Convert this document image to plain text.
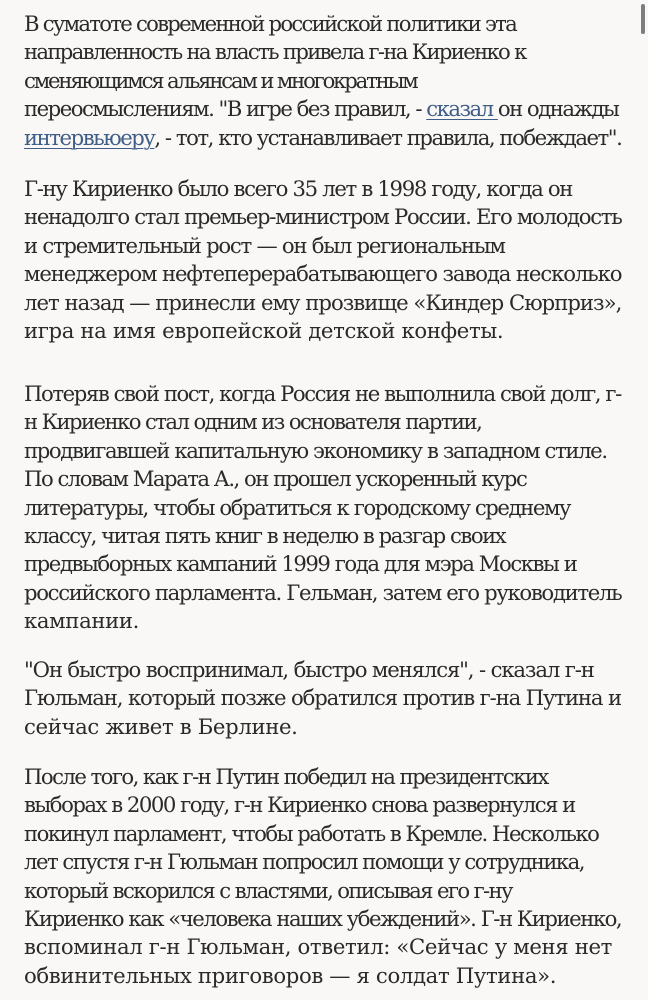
В суматоте современной российской политики эта
направленность на власть привела г-на Кириенко к
сменяющимся альянсам и многократным
переосмыслениям. "В игре без правил, - сказал он однажды
интервьюеру, - тот, кто устанавливает правила, побеждает".

Г-ну Кириенко было всего 35 лет в 1998 году, когда он
ненадолго стал премьер-министром России. Его молодость
и стремительный рост — он был региональным
менеджером нефтеперерабатывающего завода несколько
лет назад — принесли ему прозвище «Киндер Сюрприз»,
игра на имя европейской детской конфеты.

Потеряв свой пост, когда Россия не выполнила свой долг, г-
н Кириенко стал одним из основателя партии,
продвигавшей капитальную экономику в западном стиле.
По словам Марата А., он прошел ускоренный курс
литературы, чтобы обратиться к городскому среднему
классу, читая пять книг в неделю в разгар своих
предвыборных кампаний 1999 года для мэра Москвы и
российского парламента. Гельман, затем его руководитель
кампании.

"Он быстро воспринимал, быстро менялся", - сказал г-н
Гюльман, который позже обратился против г-на Путина и
сейчас живет в Берлине.

После того, как г-н Путин победил на президентских
выборах в 2000 году, г-н Кириенко снова развернулся и
покинул парламент, чтобы работать в Кремле. Несколько
лет спустя г-н Гюльман попросил помощи у сотрудника,
который вскорился с властями, описывая его г-ну
Кириенко как «человека наших убеждений». Г-н Кириенко,
вспоминал г-н Гюльман, ответил: «Сейчас у меня нет
обвинительных приговоров — я солдат Путина».
